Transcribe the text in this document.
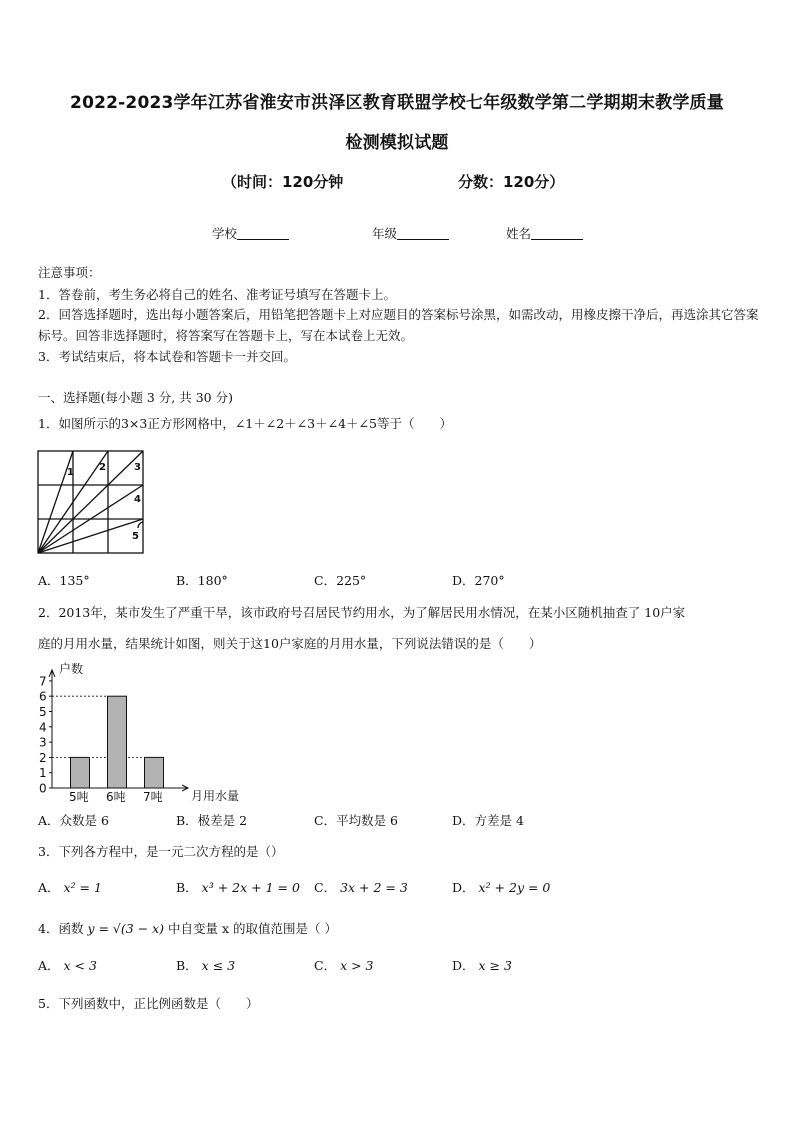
2022-2023学年江苏省淮安市洪泽区教育联盟学校七年级数学第二学期期末教学质量
检测模拟试题
（时间：120分钟	分数：120分）
学校	年级	姓名
注意事项：
1．答卷前，考生务必将自己的姓名、准考证号填写在答题卡上。
2．回答选择题时，选出每小题答案后，用铅笔把答题卡上对应题目的答案标号涂黑，如需改动，用橡皮擦干净后，再选涂其它答案标号。回答非选择题时，将答案写在答题卡上，写在本试卷上无效。
3．考试结束后，将本试卷和答题卡一并交回。
一、选择题(每小题 3 分, 共 30 分)
1．如图所示的3×3正方形网格中，∠1＋∠2＋∠3＋∠4＋∠5等于（　　）
1	2	3
4
5
A．135°	B．180°	C．225°	D．270°
2．2013年，某市发生了严重干旱，该市政府号召居民节约用水，为了解居民用水情况，在某小区随机抽查了 10户家
庭的月用水量，结果统计如图，则关于这10户家庭的月用水量，下列说法错误的是（　　）
0
1
2
3
4
5
6
7
户数
月用水量
5吨 6吨 7吨
A．众数是 6	B．极差是 2	C．平均数是 6	D．方差是 4
3．下列各方程中，是一元二次方程的是（）
A． x² = 1	B． x³ + 2x + 1 = 0 C． 3x + 2 = 3	D． x² + 2y = 0
4．函数 y = √(3 − x) 中自变量 x 的取值范围是（ ）
A． x < 3	B． x ≤ 3	C． x > 3	D． x ≥ 3
5．下列函数中，正比例函数是（　　）
